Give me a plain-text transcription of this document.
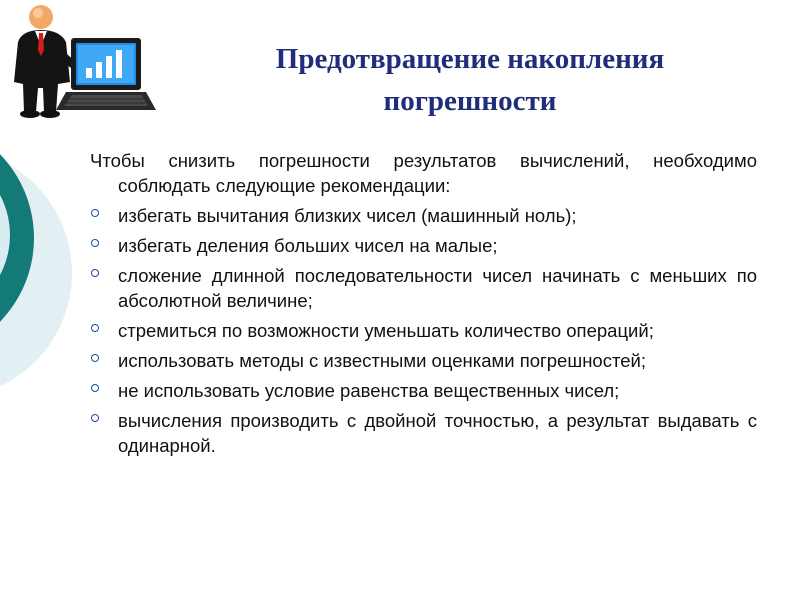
Предотвращение накопления
погрешности

Чтобы снизить погрешности результатов вычислений, необходимо соблюдать следующие рекомендации:

избегать вычитания близких чисел (машинный ноль);
избегать деления больших чисел на малые;
сложение длинной последовательности чисел начинать с меньших по абсолютной величине;
стремиться по возможности уменьшать количество операций;
использовать методы с известными оценками погрешностей;
не использовать условие равенства вещественных чисел;
вычисления производить с двойной точностью, а результат выдавать с одинарной.
